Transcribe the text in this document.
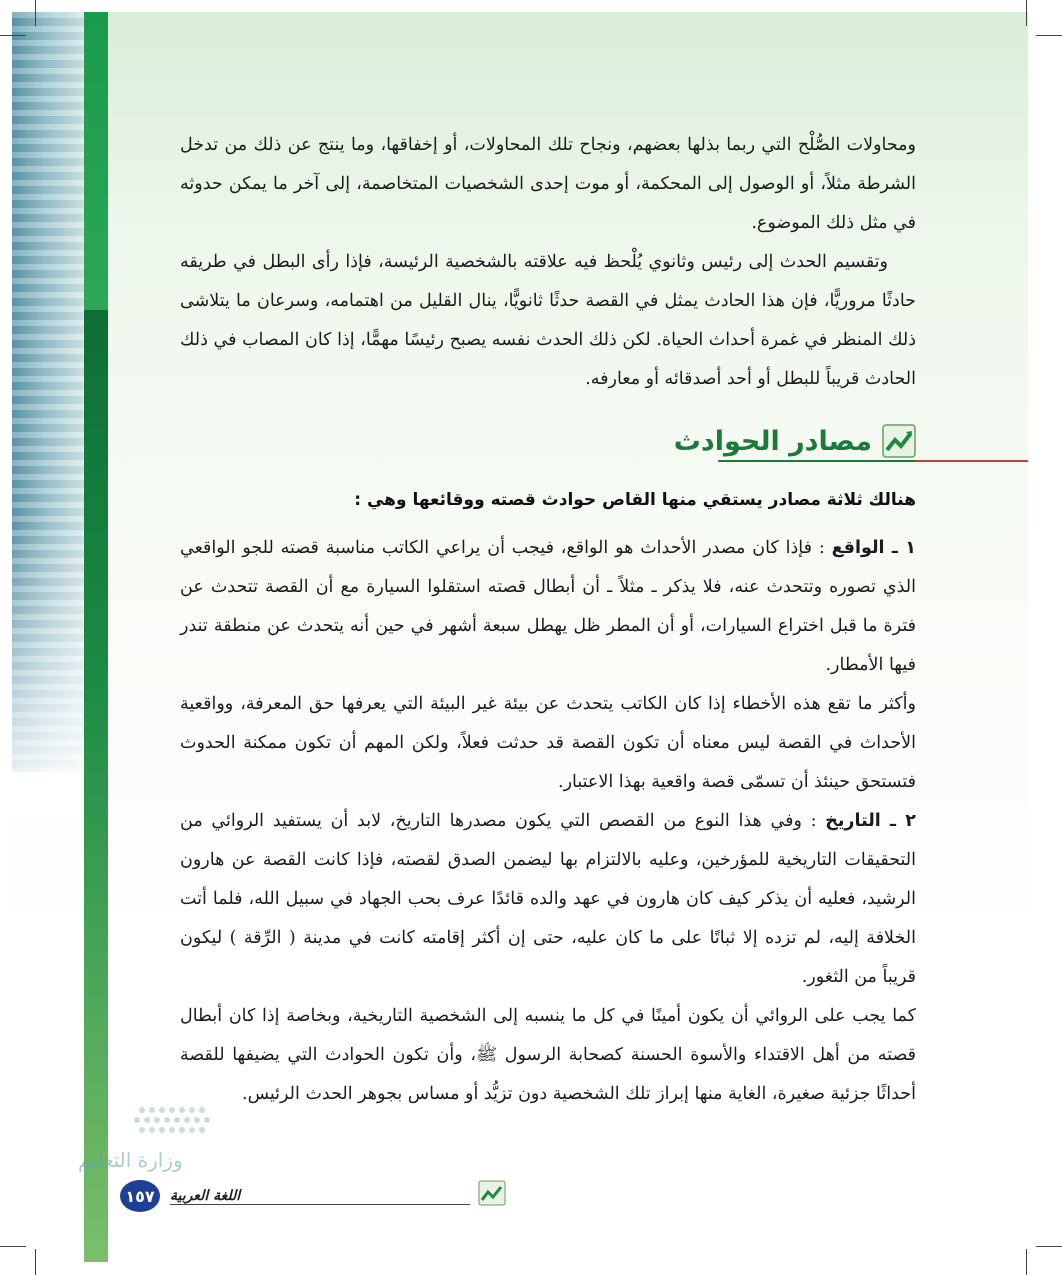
ومحاولات الصُّلْح التي ربما بذلها بعضهم، ونجاح تلك المحاولات، أو إخفاقها، وما ينتج عن ذلك من تدخل الشرطة مثلاً، أو الوصول إلى المحكمة، أو موت إحدى الشخصيات المتخاصمة، إلى آخر ما يمكن حدوثه في مثل ذلك الموضوع.

وتقسيم الحدث إلى رئيس وثانوي يُلْحظ فيه علاقته بالشخصية الرئيسة، فإذا رأى البطل في طريقه حادثًا مروريًّا، فإن هذا الحادث يمثل في القصة حدثًا ثانويًّا، ينال القليل من اهتمامه، وسرعان ما يتلاشى ذلك المنظر في غمرة أحداث الحياة. لكن ذلك الحدث نفسه يصبح رئيسًا مهمًّا، إذا كان المصاب في ذلك الحادث قريباً للبطل أو أحد أصدقائه أو معارفه.

مصادر الحوادث
هنالك ثلاثة مصادر يستقي منها القاص حوادث قصته ووقائعها وهي :

١ ـ الواقع : فإذا كان مصدر الأحداث هو الواقع، فيجب أن يراعي الكاتب مناسبة قصته للجو الواقعي الذي تصوره وتتحدث عنه، فلا يذكر ـ مثلاً ـ أن أبطال قصته استقلوا السيارة مع أن القصة تتحدث عن فترة ما قبل اختراع السيارات، أو أن المطر ظل يهطل سبعة أشهر في حين أنه يتحدث عن منطقة تندر فيها الأمطار.

وأكثر ما تقع هذه الأخطاء إذا كان الكاتب يتحدث عن بيئة غير البيئة التي يعرفها حق المعرفة، وواقعية الأحداث في القصة ليس معناه أن تكون القصة قد حدثت فعلاً، ولكن المهم أن تكون ممكنة الحدوث فتستحق حينئذ أن تسمّى قصة واقعية بهذا الاعتبار.

٢ ـ التاريخ : وفي هذا النوع من القصص التي يكون مصدرها التاريخ، لابد أن يستفيد الروائي من التحقيقات التاريخية للمؤرخين، وعليه بالالتزام بها ليضمن الصدق لقصته، فإذا كانت القصة عن هارون الرشيد، فعليه أن يذكر كيف كان هارون في عهد والده قائدًا عرف بحب الجهاد في سبيل الله، فلما أتت الخلافة إليه، لم تزده إلا ثباتًا على ما كان عليه، حتى إن أكثر إقامته كانت في مدينة ( الرِّقة ) ليكون قريباً من الثغور.

كما يجب على الروائي أن يكون أمينًا في كل ما ينسبه إلى الشخصية التاريخية، وبخاصة إذا كان أبطال قصته من أهل الاقتداء والأسوة الحسنة كصحابة الرسول ﷺ، وأن تكون الحوادث التي يضيفها للقصة أحداثًا جزئية صغيرة، الغاية منها إبراز تلك الشخصية دون تزيُّد أو مساس بجوهر الحدث الرئيس.

وزارة التعليم
١٥٧	اللغة العربية
